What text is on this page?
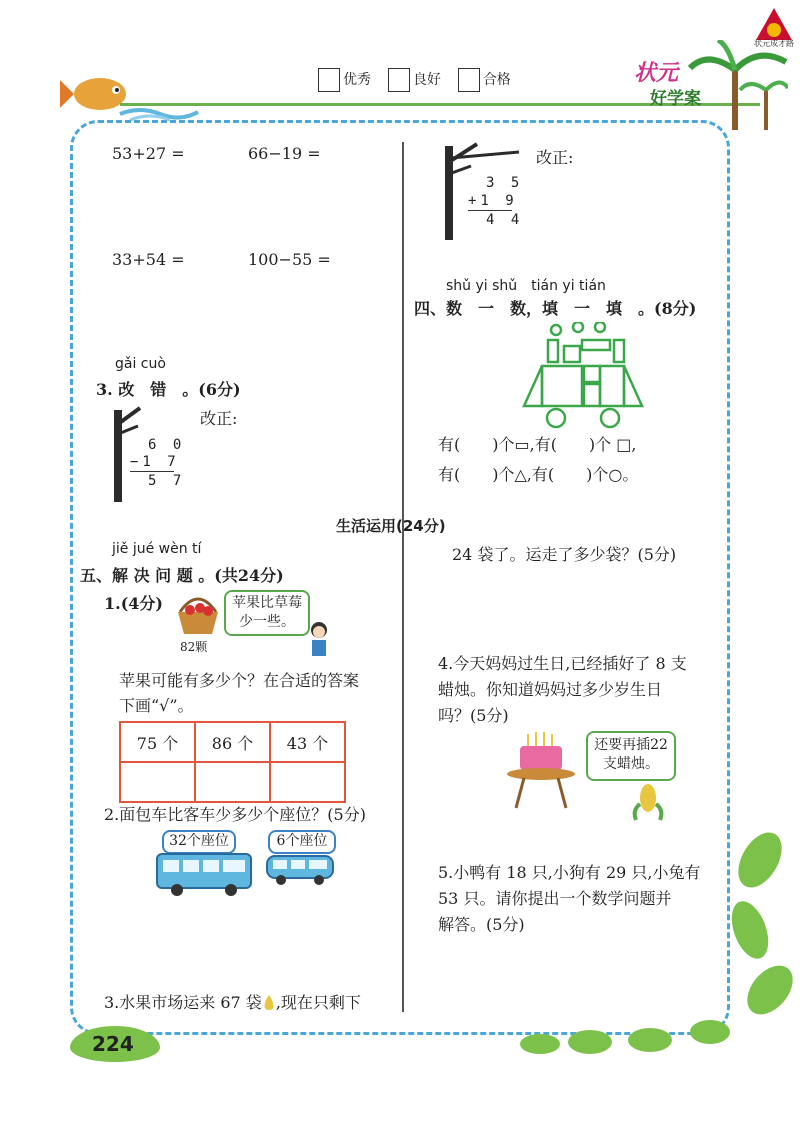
状元成才路
优秀	良好	合格	状元
好学案
53+27 =	66−19 =
33+54 =	100−55 =
gǎi cuò
3. 改　错　。(6分)
改正:
6 0
−1 7
5 7
改正:
3 5
+1 9
4 4
shǔ yi shǔ　tián yi tián
四、数　一　数，填　一　填　。(8分)
有(　　)个▭,有(　　)个 □,
有(　　)个△,有(　　)个○。
生活运用(24分)
jiě jué wèn tí
五、解 决 问 题 。(共24分)
1.(4分)
82颗
苹果比草莓少一些。
苹果可能有多少个？在合适的答案
下画“√”。
75 个	86 个	43 个

2.面包车比客车少多少个座位？(5分)
32个座位	6个座位
3.水果市场运来 67 袋 ,现在只剩下
24 袋了。运走了多少袋？(5分)
4.今天妈妈过生日,已经插好了 8 支
蜡烛。你知道妈妈过多少岁生日
吗？(5分)
还要再插22支蜡烛。
5.小鸭有 18 只,小狗有 29 只,小兔有
53 只。请你提出一个数学问题并
解答。(5分)
224
